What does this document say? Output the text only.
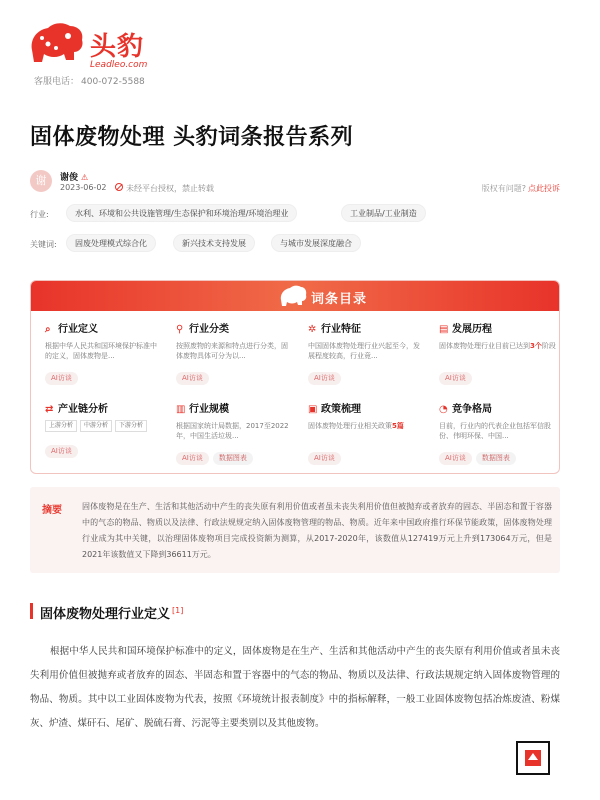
头豹
Leadleo.com
客服电话： 400-072-5588
固体废物处理 头豹词条报告系列
谢	谢俊 ⚠
2023-06-02 未经平台授权，禁止转载	版权有问题? 点此投诉
行业:	水利、环境和公共设施管理/生态保护和环境治理/环境治理业	工业制品/工业制造
关键词:	固废处理模式综合化	新兴技术支持发展	与城市发展深度融合
词条目录
⌕ 行业定义
根据中华人民共和国环境保护标准中的定义，固体废物是...
AI访谈
⚲ 行业分类
按照废物的来源和特点进行分类，固体废物具体可分为以...
AI访谈
✲ 行业特征
中国固体废物处理行业兴起至今，发展程度较高，行业竟...
AI访谈
▤ 发展历程
固体废物处理行业目前已达到3个阶段
AI访谈
⇄ 产业链分析
上游分析 中游分析 下游分析
AI访谈
▥ 行业规模
根据国家统计局数据，2017至2022年，中国生活垃圾...
AI访谈 数据图表
▣ 政策梳理
固体废物处理行业相关政策5篇
AI访谈
◔ 竞争格局
目前，行业内的代表企业包括军信股份、伟明环保、中国...
AI访谈 数据图表
摘要	固体废物是在生产、生活和其他活动中产生的丧失原有利用价值或者虽未丧失利用价值但被抛弃或者放弃的固态、半固态和置于容器中的气态的物品、物质以及法律、行政法规规定纳入固体废物管理的物品、物质。近年来中国政府推行环保节能政策，固体废物处理行业成为其中关键，以治理固体废物项目完成投资额为测算，从2017-2020年，该数值从127419万元上升到173064万元，但是2021年该数值又下降到36611万元。
固体废物处理行业定义 [1]
根据中华人民共和国环境保护标准中的定义，固体废物是在生产、生活和其他活动中产生的丧失原有利用价值或者虽未丧失利用价值但被抛弃或者放弃的固态、半固态和置于容器中的气态的物品、物质以及法律、行政法规规定纳入固体废物管理的物品、物质。其中以工业固体废物为代表，按照《环境统计报表制度》中的指标解释，一般工业固体废物包括冶炼废渣、粉煤灰、炉渣、煤矸石、尾矿、脱硫石膏、污泥等主要类别以及其他废物。
